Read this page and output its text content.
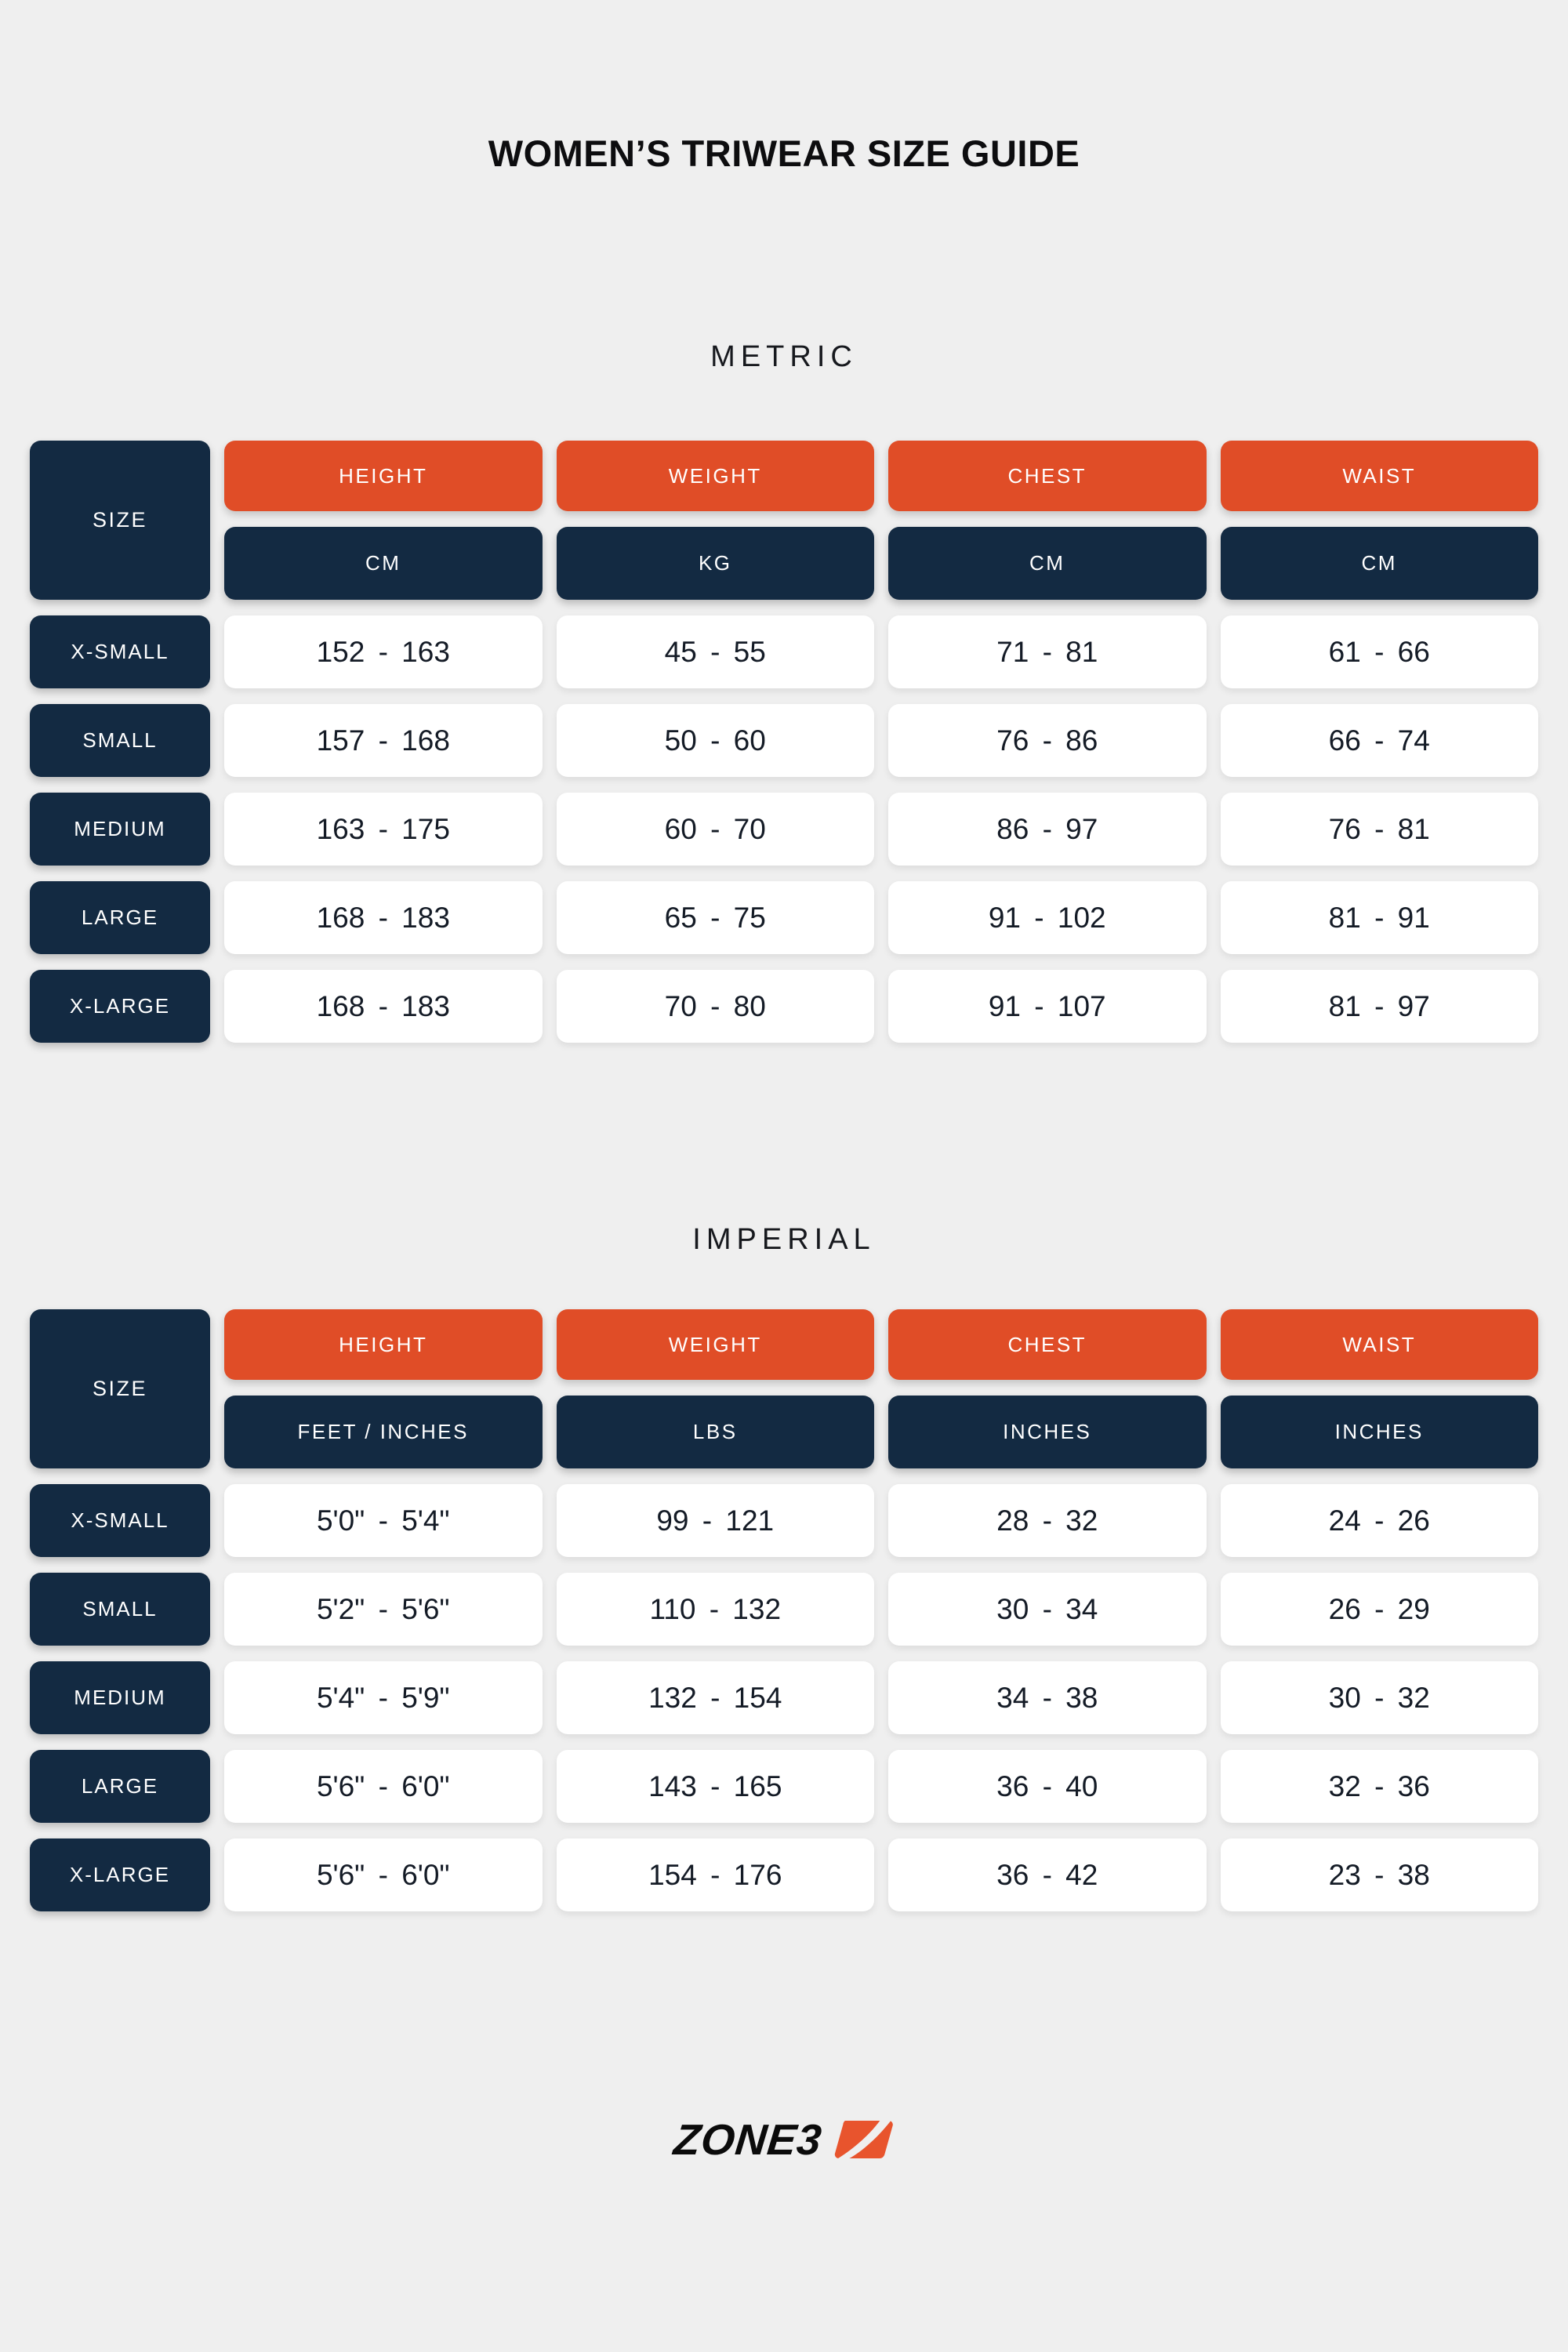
WOMEN’S TRIWEAR SIZE GUIDE
METRIC
SIZE
HEIGHT	WEIGHT	CHEST	WAIST
CM	KG	CM	CM
X-SMALL	152 - 163	45 - 55	71 - 81	61 - 66
SMALL	157 - 168	50 - 60	76 - 86	66 - 74
MEDIUM	163 - 175	60 - 70	86 - 97	76 - 81
LARGE	168 - 183	65 - 75	91 - 102	81 - 91
X-LARGE	168 - 183	70 - 80	91 - 107	81 - 97
IMPERIAL
SIZE
HEIGHT	WEIGHT	CHEST	WAIST
FEET / INCHES	LBS	INCHES	INCHES
X-SMALL	5'0" - 5'4"	99 - 121	28 - 32	24 - 26
SMALL	5'2" - 5'6"	110 - 132	30 - 34	26 - 29
MEDIUM	5'4" - 5'9"	132 - 154	34 - 38	30 - 32
LARGE	5'6" - 6'0"	143 - 165	36 - 40	32 - 36
X-LARGE	5'6" - 6'0"	154 - 176	36 - 42	23 - 38
ZONE3
